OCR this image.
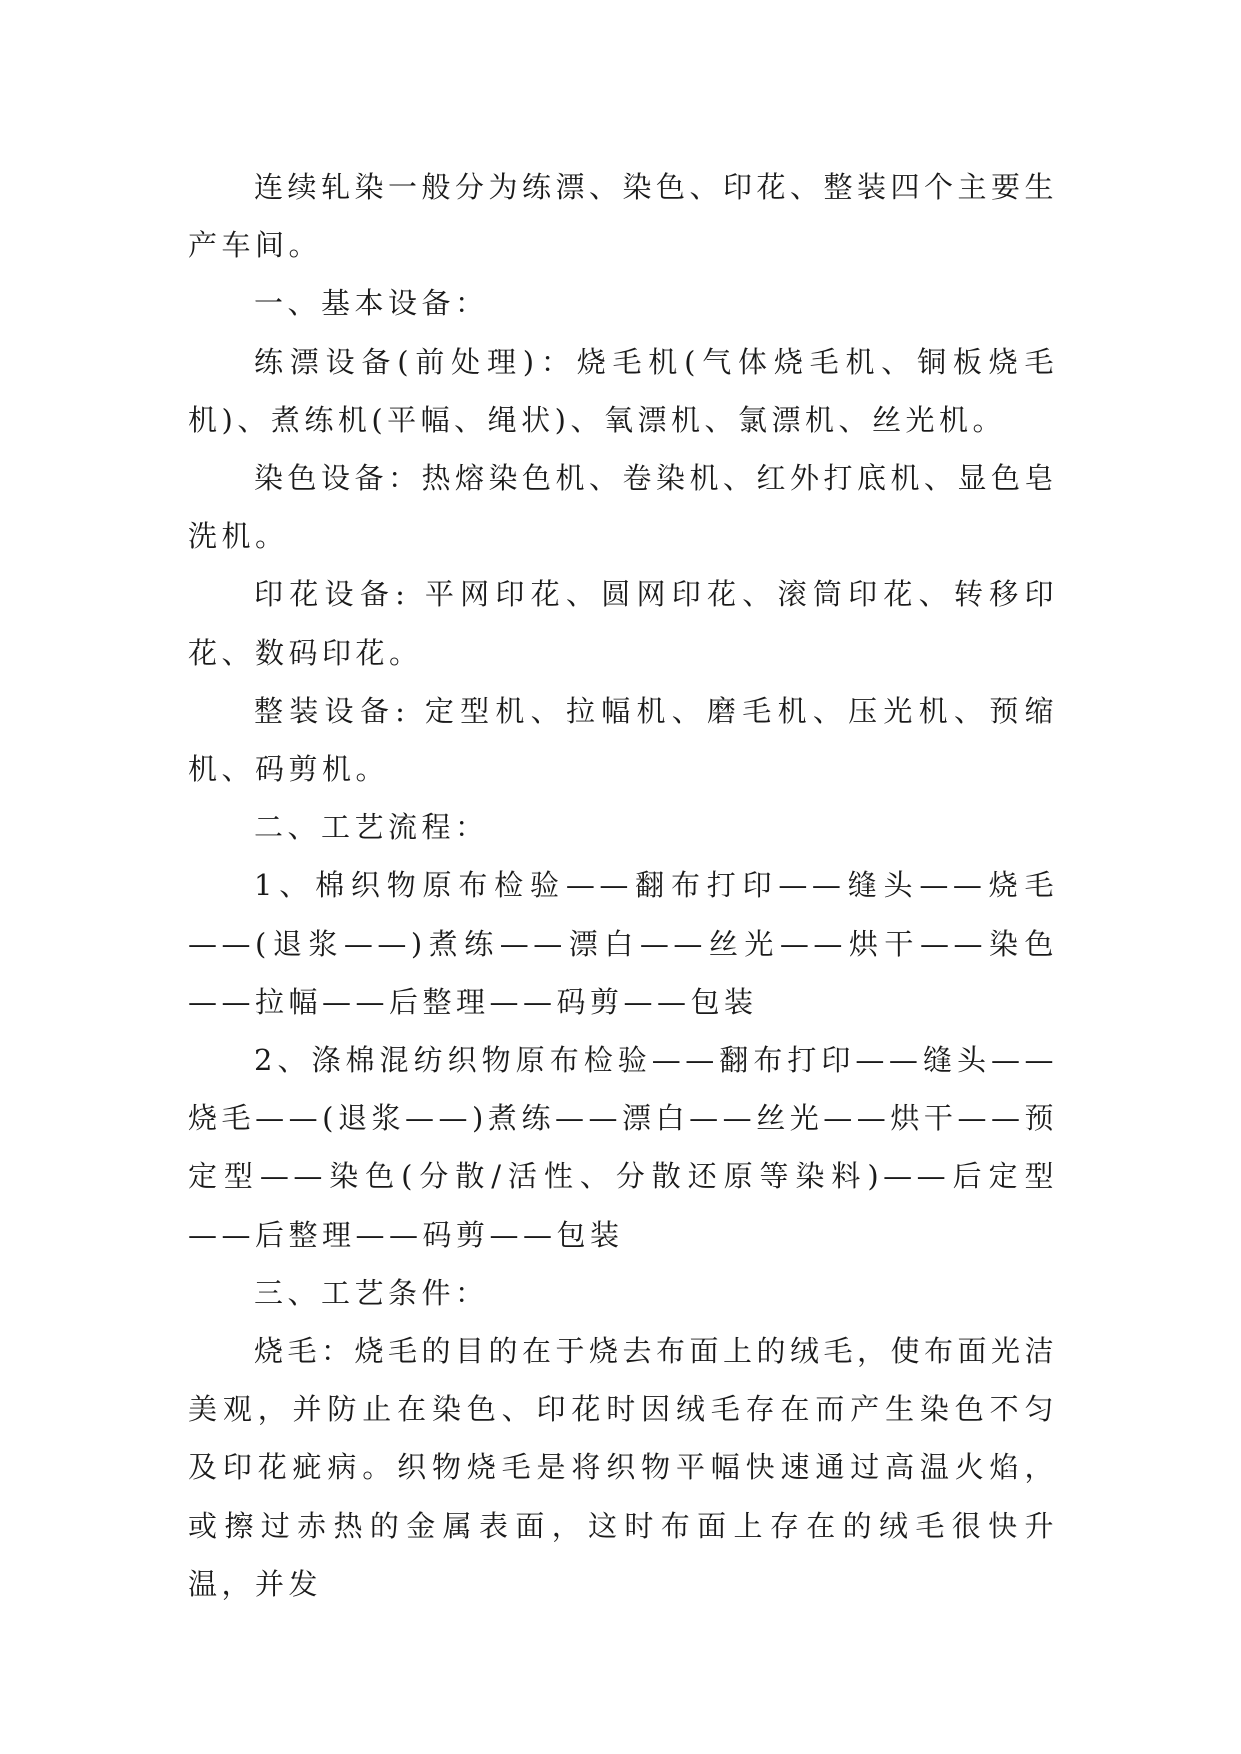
连续轧染一般分为练漂、染色、印花、整装四个主要生产车间。

一、基本设备：

练漂设备(前处理)：烧毛机(气体烧毛机、铜板烧毛机)、煮练机(平幅、绳状)、氧漂机、氯漂机、丝光机。

染色设备：热熔染色机、卷染机、红外打底机、显色皂洗机。

印花设备: 平网印花、圆网印花、滚筒印花、转移印花、数码印花。

整装设备: 定型机、拉幅机、磨毛机、压光机、预缩机、码剪机。

二、工艺流程：

1、棉织物原布检验——翻布打印——缝头——烧毛——(退浆——)煮练——漂白——丝光——烘干——染色——拉幅——后整理——码剪——包装

2、涤棉混纺织物原布检验——翻布打印——缝头——烧毛——(退浆——)煮练——漂白——丝光——烘干——预定型——染色(分散/活性、分散还原等染料)——后定型——后整理——码剪——包装

三、工艺条件：

烧毛：烧毛的目的在于烧去布面上的绒毛，使布面光洁美观，并防止在染色、印花时因绒毛存在而产生染色不匀及印花疵病。织物烧毛是将织物平幅快速通过高温火焰，或擦过赤热的金属表面，这时布面上存在的绒毛很快升温，并发
